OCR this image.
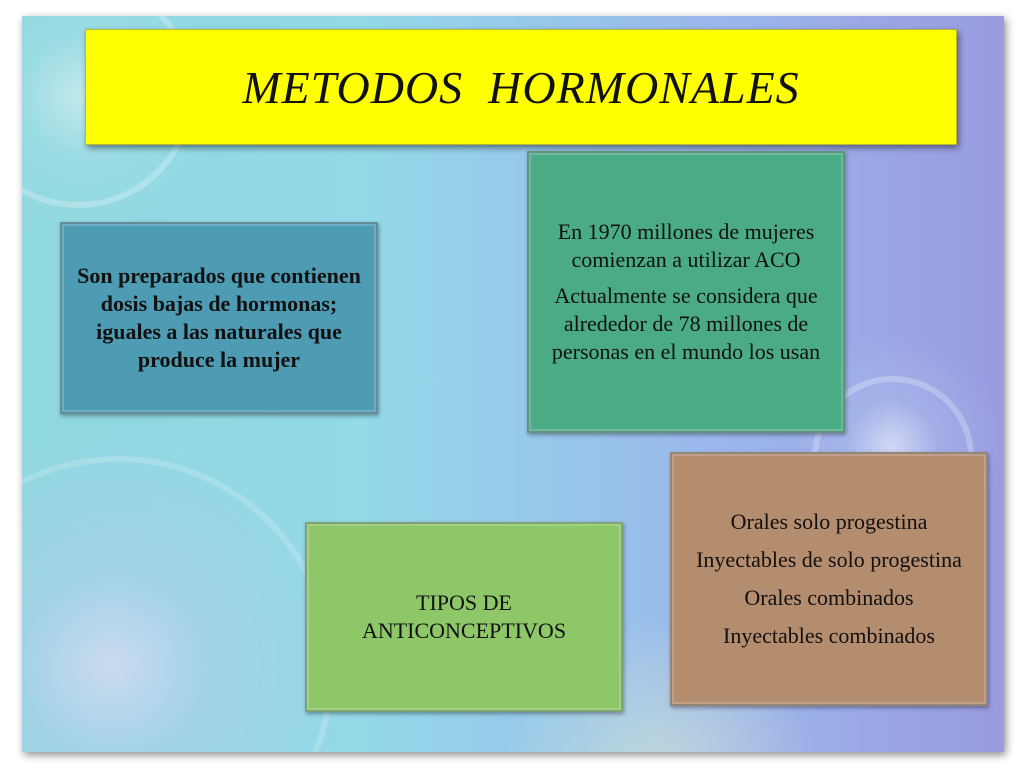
METODOS  HORMONALES

Son preparados que contienen dosis bajas de hormonas; iguales a las naturales que produce la mujer

En 1970 millones de mujeres comienzan a utilizar ACO

Actualmente se considera que alrededor de 78 millones de personas en el mundo los usan

TIPOS DE ANTICONCEPTIVOS

Orales solo progestina

Inyectables de solo progestina

Orales combinados

Inyectables combinados
